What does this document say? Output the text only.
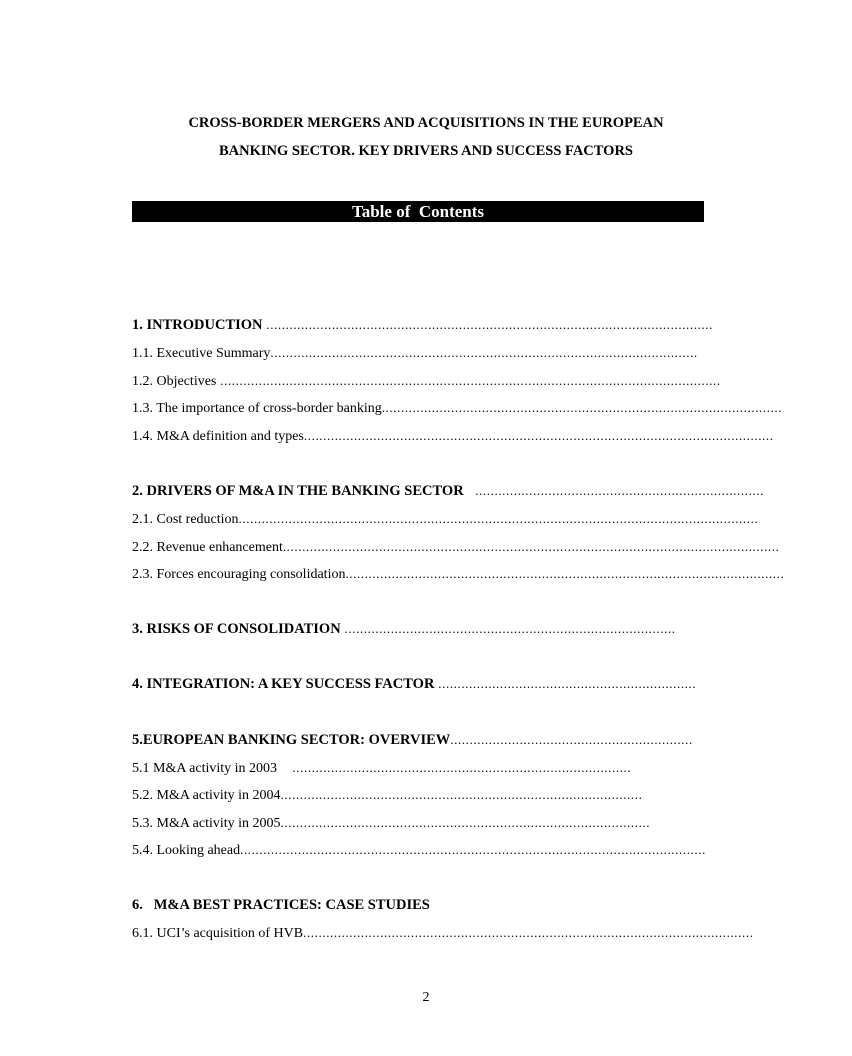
CROSS-BORDER MERGERS AND ACQUISITIONS IN THE EUROPEAN
BANKING SECTOR. KEY DRIVERS AND SUCCESS FACTORS
Table of  Contents
1. INTRODUCTION ....................................................................................................................
1.1. Executive Summary...............................................................................................................
1.2. Objectives ..................................................................................................................................
1.3. The importance of cross-border banking........................................................................................................
1.4. M&A definition and types..........................................................................................................................
2. DRIVERS OF M&A IN THE BANKING SECTOR   ...........................................................................
2.1. Cost reduction.......................................................................................................................................
2.2. Revenue enhancement.................................................................................................................................
2.3. Forces encouraging consolidation..................................................................................................................
3. RISKS OF CONSOLIDATION ......................................................................................
4. INTEGRATION: A KEY SUCCESS FACTOR ...................................................................
5.EUROPEAN BANKING SECTOR: OVERVIEW...............................................................
5.1 M&A activity in 2003    ........................................................................................
5.2. M&A activity in 2004..............................................................................................
5.3. M&A activity in 2005................................................................................................
5.4. Looking ahead.........................................................................................................................
6.   M&A BEST PRACTICES: CASE STUDIES
6.1. UCI’s acquisition of HVB.....................................................................................................................
2
